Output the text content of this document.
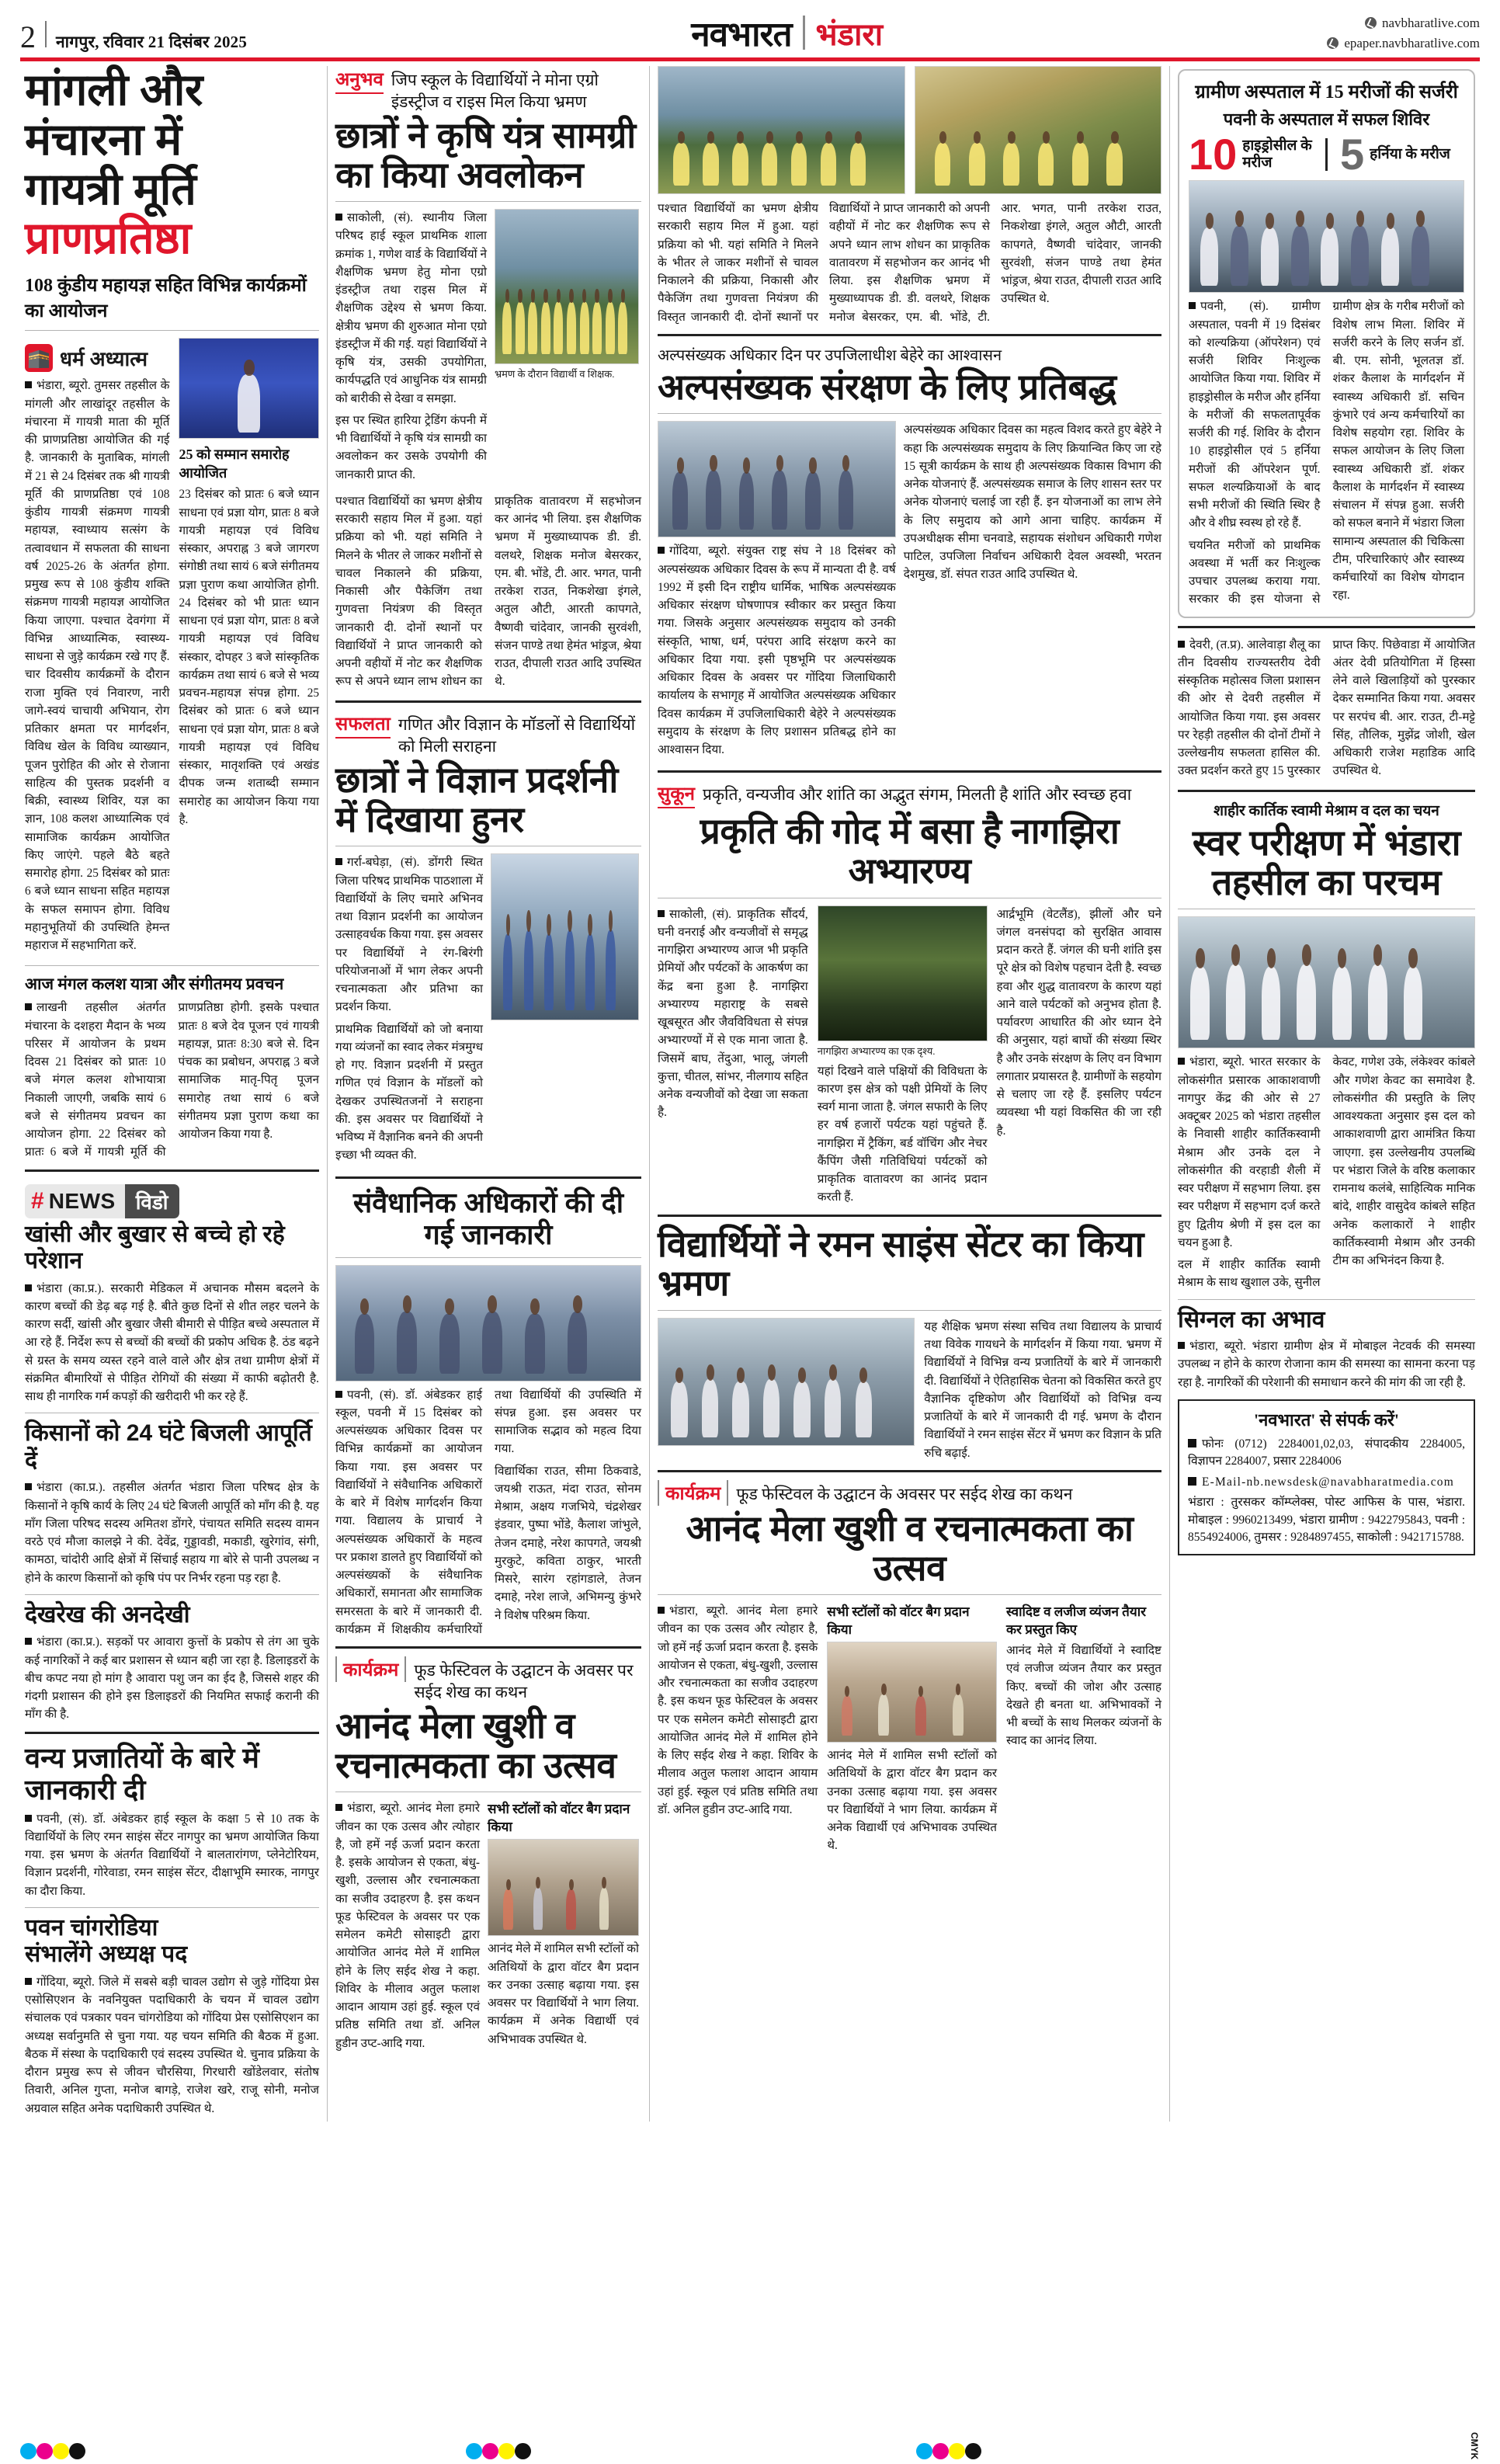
2 नागपुर, रविवार 21 दिसंबर 2025	नवभारत भंडारा	navbharatlive.com
epaper.navbharatlive.com
मांगली और मंचारना में
गायत्री मूर्ति प्राणप्रतिष्ठा
108 कुंडीय महायज्ञ सहित विभिन्न कार्यक्रमों का आयोजन
🕋 धर्म अध्यात्म

भंडारा, ब्यूरो. तुमसर तहसील के मांगली और लाखांदूर तहसील के मंचारना में गायत्री माता की मूर्ति की प्राणप्रतिष्ठा आयोजित की गई है. जानकारी के मुताबिक, मांगली में 21 से 24 दिसंबर तक श्री गायत्री मूर्ति की प्राणप्रतिष्ठा एवं 108 कुंडीय गायत्री संक्रमण गायत्री महायज्ञ, स्वाध्याय सत्संग के तत्वावधान में सफलता की साधना वर्ष 2025-26 के अंतर्गत होगा. प्रमुख रूप से 108 कुंडीय शक्ति संक्रमण गायत्री महायज्ञ आयोजित किया जाएगा. पश्चात देवगंगा में विभिन्न आध्यात्मिक, स्वास्थ्य-साधना से जुड़े कार्यक्रम रखे गए हैं. चार दिवसीय कार्यक्रमों के दौरान राजा मुक्ति एवं निवारण, नारी जागे-स्वयं चाचायी अभियान, रोग प्रतिकार क्षमता पर मार्गदर्शन, विविध खेल के विविध व्याख्यान, पूजन पुरोहित की ओर से रोजाना साहित्य की पुस्तक प्रदर्शनी व बिक्री, स्वास्थ्य शिविर, यज्ञ का ज्ञान, 108 कलश आध्यात्मिक एवं सामाजिक कार्यक्रम आयोजित किए जाएंगे. पहले बैठे बहते समारोह होगा. 25 दिसंबर को प्रातः 6 बजे ध्यान साधना सहित महायज्ञ के सफल समापन होगा. विविध महानुभूतियों की उपस्थिति हेमन्त महाराज में सहभागिता करें.

25 को सम्मान समारोह आयोजित
23 दिसंबर को प्रातः 6 बजे ध्यान साधना एवं प्रज्ञा योग, प्रातः 8 बजे गायत्री महायज्ञ एवं विविध संस्कार, अपराह्न 3 बजे जागरण संगोष्ठी तथा सायं 6 बजे संगीतमय प्रज्ञा पुराण कथा आयोजित होगी. 24 दिसंबर को भी प्रातः ध्यान साधना एवं प्रज्ञा योग, प्रातः 8 बजे गायत्री महायज्ञ एवं विविध संस्कार, दोपहर 3 बजे सांस्कृतिक कार्यक्रम तथा सायं 6 बजे से भव्य प्रवचन-महायज्ञ संपन्न होगा. 25 दिसंबर को प्रातः 6 बजे ध्यान साधना एवं प्रज्ञा योग, प्रातः 8 बजे गायत्री महायज्ञ एवं विविध संस्कार, मातृशक्ति एवं अखंड दीपक जन्म शताब्दी सम्मान समारोह का आयोजन किया गया है.
आज मंगल कलश यात्रा और संगीतमय प्रवचन

लाखनी तहसील अंतर्गत मंचारना के दशहरा मैदान के भव्य परिसर में आयोजन के प्रथम दिवस 21 दिसंबर को प्रातः 10 बजे मंगल कलश शोभायात्रा निकाली जाएगी, जबकि सायं 6 बजे से संगीतमय प्रवचन का आयोजन होगा. 22 दिसंबर को प्रातः 6 बजे में गायत्री मूर्ति की प्राणप्रतिष्ठा होगी. इसके पश्चात प्रातः 8 बजे देव पूजन एवं गायत्री महायज्ञ, प्रातः 8:30 बजे से. दिन पंचक का प्रबोधन, अपराह्न 3 बजे सामाजिक मातृ-पितृ पूजन समारोह तथा सायं 6 बजे संगीतमय प्रज्ञा पुराण कथा का आयोजन किया गया है.

# NEWS	विडो
खांसी और बुखार से बच्चे हो रहे परेशान

भंडारा (का.प्र.). सरकारी मेडिकल में अचानक मौसम बदलने के कारण बच्चों की डेढ़ बढ़ गई है. बीते कुछ दिनों से शीत लहर चलने के कारण सर्दी, खांसी और बुखार जैसी बीमारी से पीड़ित बच्चे अस्पताल में आ रहे हैं. निर्देश रूप से बच्चों की बच्चों की प्रकोप अधिक है. ठंड बढ़ने से ग्रस्त के समय व्यस्त रहने वाले वाले और क्षेत्र तथा ग्रामीण क्षेत्रों में संक्रमित बीमारियों से पीड़ित रोगियों की संख्या में काफी बढ़ोतरी है. साथ ही नागरिक गर्म कपड़ों की खरीदारी भी कर रहे हैं.

किसानों को 24 घंटे बिजली आपूर्ति दें

भंडारा (का.प्र.). तहसील अंतर्गत भंडारा जिला परिषद क्षेत्र के किसानों ने कृषि कार्य के लिए 24 घंटे बिजली आपूर्ति को माँग की है. यह माँग जिला परिषद सदस्य अमितश डोंगरे, पंचायत समिति सदस्य वामन वरठे एवं मौजा कालझे ने की. देवेंद्र, गुड्डावडी, मकाडी, खुरेगांव, संगी, कामठा, चांदोरी आदि क्षेत्रों में सिंचाई सहाय गा बोरे से पानी उपलब्ध न होने के कारण किसानों को कृषि पंप पर निर्भर रहना पड़ रहा है.

देखरेख की अनदेखी

भंडारा (का.प्र.). सड़कों पर आवारा कुत्तों के प्रकोप से तंग आ चुके कई नागरिकों ने कई बार प्रशासन से ध्यान बही जा रहा है. डिलाइडरों के बीच कपट नया हो मांग है आवारा पशु जन का ईद है, जिससे शहर की गंदगी प्रशासन की होने इस डिलाइडरों की नियमित सफाई करानी की माँग की है.

वन्य प्रजातियों के बारे में जानकारी दी

पवनी, (सं). डॉ. अंबेडकर हाई स्कूल के कक्षा 5 से 10 तक के विद्यार्थियों के लिए रमन साइंस सेंटर नागपुर का भ्रमण आयोजित किया गया. इस भ्रमण के अंतर्गत विद्यार्थियों ने बालतारांगण, प्लेनेटोरियम, विज्ञान प्रदर्शनी, गोरेवाडा, रमन साइंस सेंटर, दीक्षाभूमि स्मारक, नागपुर का दौरा किया.

पवन चांगरोडिया
संभालेंगे अध्यक्ष पद

गोंदिया, ब्यूरो. जिले में सबसे बड़ी चावल उद्योग से जुड़े गोंदिया प्रेस एसोसिएशन के नवनियुक्त पदाधिकारी के चयन में चावल उद्योग संचालक एवं पत्रकार पवन चांगरोडिया को गोंदिया प्रेस एसोसिएशन का अध्यक्ष सर्वानुमति से चुना गया. यह चयन समिति की बैठक में हुआ. बैठक में संस्था के पदाधिकारी एवं सदस्य उपस्थित थे. चुनाव प्रक्रिया के दौरान प्रमुख रूप से जीवन चौरसिया, गिरधारी खोंडेलवार, संतोष तिवारी, अनिल गुप्ता, मनोज बागड़े, राजेश खरे, राजू सोनी, मनोज अग्रवाल सहित अनेक पदाधिकारी उपस्थित थे.

अनुभव जिप स्कूल के विद्यार्थियों ने मोना एग्रो इंडस्ट्रीज व राइस मिल किया भ्रमण
छात्रों ने कृषि यंत्र सामग्री का किया अवलोकन

साकोली, (सं). स्थानीय जिला परिषद हाई स्कूल प्राथमिक शाला क्रमांक 1, गणेश वार्ड के विद्यार्थियों ने शैक्षणिक भ्रमण हेतु मोना एग्रो इंडस्ट्रीज तथा राइस मिल में शैक्षणिक उद्देश्य से भ्रमण किया. क्षेत्रीय भ्रमण की शुरुआत मोना एग्रो इंडस्ट्रीज में की गई. यहां विद्यार्थियों ने कृषि यंत्र, उसकी उपयोगिता, कार्यपद्धति एवं आधुनिक यंत्र सामग्री को बारीकी से देखा व समझा.

इस पर स्थित हारिया ट्रेडिंग कंपनी में भी विद्यार्थियों ने कृषि यंत्र सामग्री का अवलोकन कर उसके उपयोगी की जानकारी प्राप्त की.

भ्रमण के दौरान विद्यार्थी व शिक्षक.

पश्चात विद्यार्थियों का भ्रमण क्षेत्रीय सरकारी सहाय मिल में हुआ. यहां प्रक्रिया को भी. यहां समिति ने मिलने के भीतर ले जाकर मशीनों से चावल निकालने की प्रक्रिया, निकासी और पैकेजिंग तथा गुणवत्ता नियंत्रण की विस्तृत जानकारी दी. दोनों स्थानों पर विद्यार्थियों ने प्राप्त जानकारी को अपनी वहीयों में नोट कर शैक्षणिक रूप से अपने ध्यान लाभ शोधन का प्राकृतिक वातावरण में सहभोजन कर आनंद भी लिया. इस शैक्षणिक भ्रमण में मुख्याध्यापक डी. डी. वलथरे, शिक्षक मनोज बेसरकर, एम. बी. भोंडे, टी. आर. भगत, पानी तरकेश राउत, निकशेखा इंगले, अतुल औटी, आरती कापगते, वैष्णवी चांदेवार, जानकी सुरवंशी, संजन पाण्डे तथा हेमंत भांड्रज, श्रेया राउत, दीपाली राउत आदि उपस्थित थे.

सफलता गणित और विज्ञान के मॉडलों से विद्यार्थियों को मिली सराहना
छात्रों ने विज्ञान प्रदर्शनी में दिखाया हुनर

गर्रा-बघेड़ा, (सं). डोंगरी स्थित जिला परिषद प्राथमिक पाठशाला में विद्यार्थियों के लिए चमारे अभिनव तथा विज्ञान प्रदर्शनी का आयोजन उत्साहवर्धक किया गया. इस अवसर पर विद्यार्थियों ने रंग-बिरंगी परियोजनाओं में भाग लेकर अपनी रचनात्मकता और प्रतिभा का प्रदर्शन किया.

प्राथमिक विद्यार्थियों को जो बनाया गया व्यंजनों का स्वाद लेकर मंत्रमुग्ध हो गए. विज्ञान प्रदर्शनी में प्रस्तुत गणित एवं विज्ञान के मॉडलों को देखकर उपस्थितजनों ने सराहना की. इस अवसर पर विद्यार्थियों ने भविष्य में वैज्ञानिक बनने की अपनी इच्छा भी व्यक्त की.

संवैधानिक अधिकारों की दी गई जानकारी

पवनी, (सं). डॉ. अंबेडकर हाई स्कूल, पवनी में 15 दिसंबर को अल्पसंख्यक अधिकार दिवस पर विभिन्न कार्यक्रमों का आयोजन किया गया. इस अवसर पर विद्यार्थियों ने संवैधानिक अधिकारों के बारे में विशेष मार्गदर्शन किया गया. विद्यालय के प्राचार्य ने अल्पसंख्यक अधिकारों के महत्व पर प्रकाश डालते हुए विद्यार्थियों को अल्पसंख्यकों के संवैधानिक अधिकारों, समानता और सामाजिक समरसता के बारे में जानकारी दी. कार्यक्रम में शिक्षकीय कर्मचारियों तथा विद्यार्थियों की उपस्थिति में संपन्न हुआ. इस अवसर पर सामाजिक सद्भाव को महत्व दिया गया.

विद्यार्थिका राउत, सीमा ठिकवाडे, जयश्री राऊत, मंदा राउत, सोनम मेश्राम, अक्षय गजभिये, चंद्रशेखर इंडवार, पुष्पा भोंडे, कैलाश जांभुले, तेजन दमाहे, नरेश कापगते, जयश्री मुरकुटे, कविता ठाकुर, भारती मिसरे, सारंग रहांगडाले, तेजन दमाहे, नरेश लाजे, अभिमन्यु कुंभरे ने विशेष परिश्रम किया.

कार्यक्रम फूड फेस्टिवल के उद्घाटन के अवसर पर सईद शेख का कथन
आनंद मेला खुशी व रचनात्मकता का उत्सव

भंडारा, ब्यूरो. आनंद मेला हमारे जीवन का एक उत्सव और त्योहार है, जो हमें नई ऊर्जा प्रदान करता है. इसके आयोजन से एकता, बंधु-खुशी, उल्लास और रचनात्मकता का सजीव उदाहरण है. इस कथन फूड फेस्टिवल के अवसर पर एक समेलन कमेटी सोसाइटी द्वारा आयोजित आनंद मेले में शामिल होने के लिए सईद शेख ने कहा. शिविर के मीलाव अतुल फलाश आदान आयाम उहां हुई. स्कूल एवं प्रतिष्ठ समिति तथा डॉ. अनिल हुडीन उप्ट-आदि गया.

सभी स्टॉलों को वॉटर बैग प्रदान किया
आनंद मेले में शामिल सभी स्टॉलों को अतिथियों के द्वारा वॉटर बैग प्रदान कर उनका उत्साह बढ़ाया गया. इस अवसर पर विद्यार्थियों ने भाग लिया. कार्यक्रम में अनेक विद्यार्थी एवं अभिभावक उपस्थित थे.

पश्चात विद्यार्थियों का भ्रमण क्षेत्रीय सरकारी सहाय मिल में हुआ. यहां प्रक्रिया को भी. यहां समिति ने मिलने के भीतर ले जाकर मशीनों से चावल निकालने की प्रक्रिया, निकासी और पैकेजिंग तथा गुणवत्ता नियंत्रण की विस्तृत जानकारी दी. दोनों स्थानों पर विद्यार्थियों ने प्राप्त जानकारी को अपनी वहीयों में नोट कर शैक्षणिक रूप से अपने ध्यान लाभ शोधन का प्राकृतिक वातावरण में सहभोजन कर आनंद भी लिया. इस शैक्षणिक भ्रमण में मुख्याध्यापक डी. डी. वलथरे, शिक्षक मनोज बेसरकर, एम. बी. भोंडे, टी. आर. भगत, पानी तरकेश राउत, निकशेखा इंगले, अतुल औटी, आरती कापगते, वैष्णवी चांदेवार, जानकी सुरवंशी, संजन पाण्डे तथा हेमंत भांड्रज, श्रेया राउत, दीपाली राउत आदि उपस्थित थे.

अल्पसंख्यक अधिकार दिन पर उपजिलाधीश बेहेरे का आश्वासन
अल्पसंख्यक संरक्षण के लिए प्रतिबद्ध

गोंदिया, ब्यूरो. संयुक्त राष्ट्र संघ ने 18 दिसंबर को अल्पसंख्यक अधिकार दिवस के रूप में मान्यता दी है. वर्ष 1992 में इसी दिन राष्ट्रीय धार्मिक, भाषिक अल्पसंख्यक अधिकार संरक्षण घोषणापत्र स्वीकार कर प्रस्तुत किया गया. जिसके अनुसार अल्पसंख्यक समुदाय को उनकी संस्कृति, भाषा, धर्म, परंपरा आदि संरक्षण करने का अधिकार दिया गया. इसी पृष्ठभूमि पर अल्पसंख्यक अधिकार दिवस के अवसर पर गोंदिया जिलाधिकारी कार्यालय के सभागृह में आयोजित अल्पसंख्यक अधिकार दिवस कार्यक्रम में उपजिलाधिकारी बेहेरे ने अल्पसंख्यक समुदाय के संरक्षण के लिए प्रशासन प्रतिबद्ध होने का आश्वासन दिया.

अल्पसंख्यक अधिकार दिवस का महत्व विशद करते हुए बेहेरे ने कहा कि अल्पसंख्यक समुदाय के लिए क्रियान्वित किए जा रहे 15 सूत्री कार्यक्रम के साथ ही अल्पसंख्यक विकास विभाग की अनेक योजनाएं हैं. अल्पसंख्यक समाज के लिए शासन स्तर पर अनेक योजनाएं चलाई जा रही हैं. इन योजनाओं का लाभ लेने के लिए समुदाय को आगे आना चाहिए. कार्यक्रम में उपअधीक्षक सीमा चनवाडे, सहायक संशोधन अधिकारी गणेश पाटिल, उपजिला निर्वाचन अधिकारी देवल अवस्थी, भरतन देशमुख, डॉ. संपत राउत आदि उपस्थित थे.
सुकून प्रकृति, वन्यजीव और शांति का अद्भुत संगम, मिलती है शांति और स्वच्छ हवा
प्रकृति की गोद में बसा है नागझिरा अभ्यारण्य

साकोली, (सं). प्राकृतिक सौंदर्य, घनी वनराई और वन्यजीवों से समृद्ध नागझिरा अभ्यारण्य आज भी प्रकृति प्रेमियों और पर्यटकों के आकर्षण का केंद्र बना हुआ है. नागझिरा अभ्यारण्य महाराष्ट्र के सबसे खूबसूरत और जैवविविधता से संपन्न अभ्यारण्यों में से एक माना जाता है. जिसमें बाघ, तेंदुआ, भालू, जंगली कुत्ता, चीतल, सांभर, नीलगाय सहित अनेक वन्यजीवों को देखा जा सकता है.

नागझिरा अभ्यारण्य का एक दृश्य.
यहां दिखने वाले पक्षियों की विविधता के कारण इस क्षेत्र को पक्षी प्रेमियों के लिए स्वर्ग माना जाता है. जंगल सफारी के लिए हर वर्ष हजारों पर्यटक यहां पहुंचते हैं. नागझिरा में ट्रैकिंग, बर्ड वॉचिंग और नेचर कैंपिंग जैसी गतिविधियां पर्यटकों को प्राकृतिक वातावरण का आनंद प्रदान करती हैं.
आर्द्रभूमि (वेटलैंड), झीलों और घने जंगल वनसंपदा को सुरक्षित आवास प्रदान करते हैं. जंगल की घनी शांति इस पूरे क्षेत्र को विशेष पहचान देती है. स्वच्छ हवा और शुद्ध वातावरण के कारण यहां आने वाले पर्यटकों को अनुभव होता है. पर्यावरण आधारित की ओर ध्यान देने की अनुसार, यहां बाघों की संख्या स्थिर है और उनके संरक्षण के लिए वन विभाग लगातार प्रयासरत है. ग्रामीणों के सहयोग से चलाए जा रहे हैं. इसलिए पर्यटन व्यवस्था भी यहां विकसित की जा रही है.
विद्यार्थियों ने रमन साइंस सेंटर का किया भ्रमण
यह शैक्षिक भ्रमण संस्था सचिव तथा विद्यालय के प्राचार्य तथा विवेक गायधने के मार्गदर्शन में किया गया. भ्रमण में विद्यार्थियों ने विभिन्न वन्य प्रजातियों के बारे में जानकारी दी. विद्यार्थियों ने ऐतिहासिक चेतना को विकसित करते हुए वैज्ञानिक दृष्टिकोण और विद्यार्थियों को विभिन्न वन्य प्रजातियों के बारे में जानकारी दी गई. भ्रमण के दौरान विद्यार्थियों ने रमन साइंस सेंटर में भ्रमण कर विज्ञान के प्रति रुचि बढ़ाई.
कार्यक्रम फूड फेस्टिवल के उद्घाटन के अवसर पर सईद शेख का कथन
आनंद मेला खुशी व रचनात्मकता का उत्सव

भंडारा, ब्यूरो. आनंद मेला हमारे जीवन का एक उत्सव और त्योहार है, जो हमें नई ऊर्जा प्रदान करता है. इसके आयोजन से एकता, बंधु-खुशी, उल्लास और रचनात्मकता का सजीव उदाहरण है. इस कथन फूड फेस्टिवल के अवसर पर एक समेलन कमेटी सोसाइटी द्वारा आयोजित आनंद मेले में शामिल होने के लिए सईद शेख ने कहा. शिविर के मीलाव अतुल फलाश आदान आयाम उहां हुई. स्कूल एवं प्रतिष्ठ समिति तथा डॉ. अनिल हुडीन उप्ट-आदि गया.

सभी स्टॉलों को वॉटर बैग प्रदान किया
आनंद मेले में शामिल सभी स्टॉलों को अतिथियों के द्वारा वॉटर बैग प्रदान कर उनका उत्साह बढ़ाया गया. इस अवसर पर विद्यार्थियों ने भाग लिया. कार्यक्रम में अनेक विद्यार्थी एवं अभिभावक उपस्थित थे.
स्वादिष्ट व लजीज व्यंजन तैयार कर प्रस्तुत किए
आनंद मेले में विद्यार्थियों ने स्वादिष्ट एवं लजीज व्यंजन तैयार कर प्रस्तुत किए. बच्चों की जोश और उत्साह देखते ही बनता था. अभिभावकों ने भी बच्चों के साथ मिलकर व्यंजनों के स्वाद का आनंद लिया.
ग्रामीण अस्पताल में 15 मरीजों की सर्जरी
पवनी के अस्पताल में सफल शिविर
10 हाइड्रोसील के मरीज	5 हर्निया के मरीज

पवनी, (सं). ग्रामीण अस्पताल, पवनी में 19 दिसंबर को शल्यक्रिया (ऑपरेशन) एवं सर्जरी शिविर निःशुल्क आयोजित किया गया. शिविर में हाइड्रोसील के मरीज और हर्निया के मरीजों की सफलतापूर्वक सर्जरी की गई. शिविर के दौरान 10 हाइड्रोसील एवं 5 हर्निया मरीजों की ऑपरेशन पूर्ण. सफल शल्यक्रियाओं के बाद सभी मरीजों की स्थिति स्थिर है और वे शीघ्र स्वस्थ हो रहे हैं.

चयनित मरीजों को प्राथमिक अवस्था में भर्ती कर निःशुल्क उपचार उपलब्ध कराया गया. सरकार की इस योजना से ग्रामीण क्षेत्र के गरीब मरीजों को विशेष लाभ मिला. शिविर में सर्जरी करने के लिए सर्जन डॉ. बी. एम. सोनी, भूलतज्ञ डॉ. शंकर कैलाश के मार्गदर्शन में स्वास्थ्य अधिकारी डॉ. सचिन कुंभारे एवं अन्य कर्मचारियों का विशेष सहयोग रहा. शिविर के सफल आयोजन के लिए जिला स्वास्थ्य अधिकारी डॉ. शंकर कैलाश के मार्गदर्शन में स्वास्थ्य संचालन में संपन्न हुआ. सर्जरी को सफल बनाने में भंडारा जिला सामान्य अस्पताल की चिकित्सा टीम, परिचारिकाएं और स्वास्थ्य कर्मचारियों का विशेष योगदान रहा.

देवरी, (त.प्र). आलेवाड़ा शैलू का तीन दिवसीय राज्यस्तरीय देवी संस्कृतिक महोत्सव जिला प्रशासन की ओर से देवरी तहसील में आयोजित किया गया. इस अवसर पर रेहड़ी तहसील की दोनों टीमों ने उल्लेखनीय सफलता हासिल की. उक्त प्रदर्शन करते हुए 15 पुरस्कार प्राप्त किए. पिछेवाडा में आयोजित अंतर देवी प्रतियोगिता में हिस्सा लेने वाले खिलाड़ियों को पुरस्कार देकर सम्मानित किया गया. अवसर पर सरपंच बी. आर. राउत, टी-मट्टे सिंह, तौलिक, मुझेंद्र जोशी, खेल अधिकारी राजेश महाडिक आदि उपस्थित थे.

शाहीर कार्तिक स्वामी मेश्राम व दल का चयन
स्वर परीक्षण में भंडारा तहसील का परचम

भंडारा, ब्यूरो. भारत सरकार के लोकसंगीत प्रसारक आकाशवाणी नागपुर केंद्र की ओर से 27 अक्टूबर 2025 को भंडारा तहसील के निवासी शाहीर कार्तिकस्वामी मेश्राम और उनके दल ने लोकसंगीत की वरहाडी शैली में स्वर परीक्षण में सहभाग लिया. इस स्वर परीक्षण में सहभाग दर्ज करते हुए द्वितीय श्रेणी में इस दल का चयन हुआ है.

दल में शाहीर कार्तिक स्वामी मेश्राम के साथ खुशाल उके, सुनील केवट, गणेश उके, लंकेश्वर कांबले और गणेश केवट का समावेश है. लोकसंगीत की प्रस्तुति के लिए आवश्यकता अनुसार इस दल को आकाशवाणी द्वारा आमंत्रित किया जाएगा. इस उल्लेखनीय उपलब्धि पर भंडारा जिले के वरिष्ठ कलाकार रामनाथ कलंबे, साहित्यिक मानिक बांदे, शाहीर वासुदेव कांबले सहित अनेक कलाकारों ने शाहीर कार्तिकस्वामी मेश्राम और उनकी टीम का अभिनंदन किया है.

सिग्नल का अभाव

भंडारा, ब्यूरो. भंडारा ग्रामीण क्षेत्र में मोबाइल नेटवर्क की समस्या उपलब्ध न होने के कारण रोजाना काम की समस्या का सामना करना पड़ रहा है. नागरिकों की परेशानी की समाधान करने की मांग की जा रही है.

'नवभारत' से संपर्क करें'
फोनः (0712) 2284001,02,03, संपादकीय 2284005, विज्ञापन 2284007, प्रसार 2284006
E-Mail-nb.newsdesk@navabharatmedia.com
भंडारा : तुरसकर कॉम्प्लेक्स, पोस्ट आफिस के पास, भंडारा. मोबाइल : 9960213499, भंडारा ग्रामीण : 9422795843, पवनी : 8554924006, तुमसर : 9284897455, साकोली : 9421715788.
CMYK
